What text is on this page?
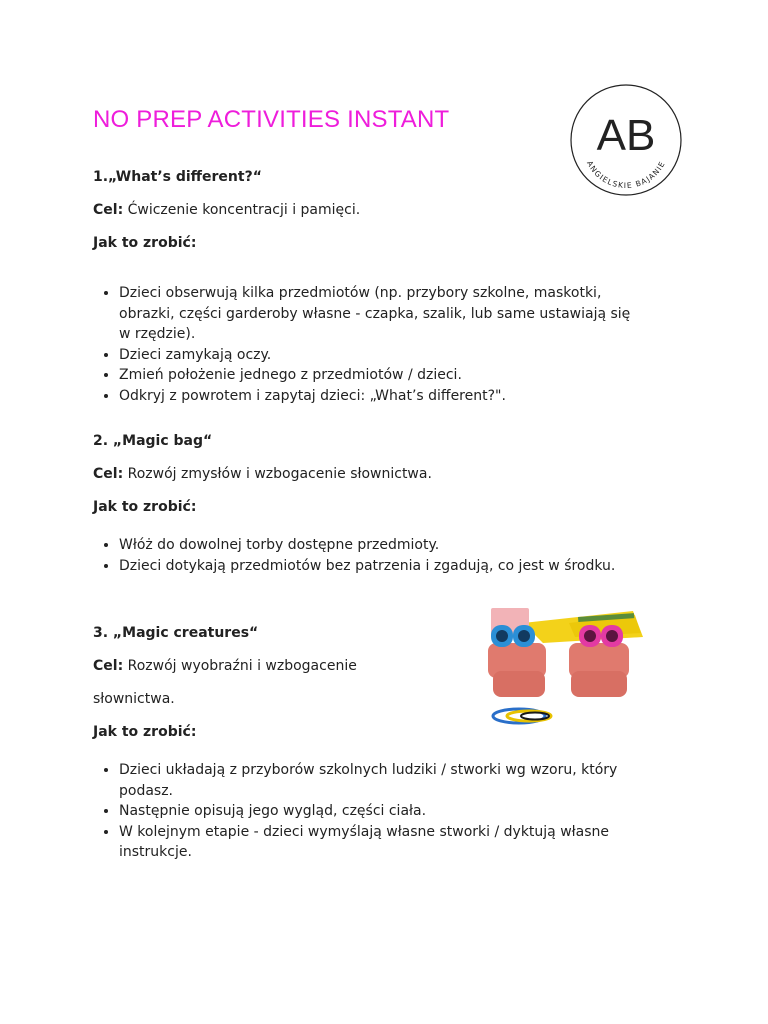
NO PREP ACTIVITIES INSTANT	AB
ANGIELSKIE BAJANIE

1.„What’s different?“

Cel: Ćwiczenie koncentracji i pamięci.

Jak to zrobić:

• Dzieci obserwują kilka przedmiotów (np. przybory szkolne, maskotki, obrazki, części garderoby własne - czapka, szalik, lub same ustawiają się w rzędzie).
• Dzieci zamykają oczy.
• Zmień położenie jednego z przedmiotów / dzieci.
• Odkryj z powrotem i zapytaj dzieci: „What’s different?".

2. „Magic bag“

Cel: Rozwój zmysłów i wzbogacenie słownictwa.

Jak to zrobić:

• Włóż do dowolnej torby dostępne przedmioty.
• Dzieci dotykają przedmiotów bez patrzenia i zgadują, co jest w środku.

3. „Magic creatures“

Cel: Rozwój wyobraźni i wzbogacenie

słownictwa.

Jak to zrobić:

• Dzieci układają z przyborów szkolnych ludziki / stworki wg wzoru, który podasz.
• Następnie opisują jego wygląd, części ciała.
• W kolejnym etapie - dzieci wymyślają własne stworki / dyktują własne instrukcje.
